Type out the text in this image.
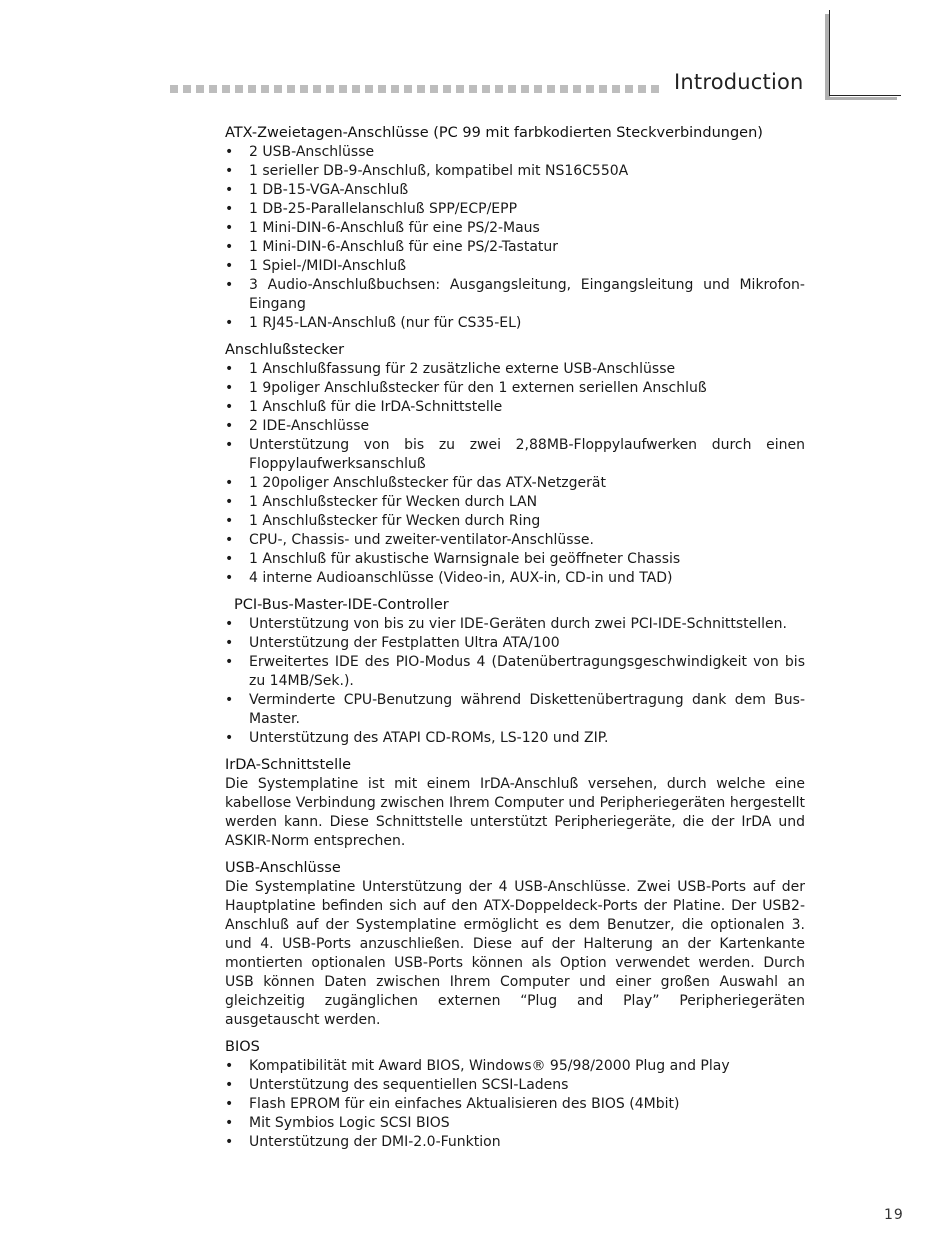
Introduction
ATX-Zweietagen-Anschlüsse (PC 99 mit farbkodierten Steckverbindungen)
•	2 USB-Anschlüsse
•	1 serieller DB-9-Anschluß, kompatibel mit NS16C550A
•	1 DB-15-VGA-Anschluß
•	1 DB-25-Parallelanschluß SPP/ECP/EPP
•	1 Mini-DIN-6-Anschluß für eine PS/2-Maus
•	1 Mini-DIN-6-Anschluß für eine PS/2-Tastatur
•	1 Spiel-/MIDI-Anschluß
•	3 Audio-Anschlußbuchsen: Ausgangsleitung, Eingangsleitung und Mikrofon-Eingang
•	1 RJ45-LAN-Anschluß (nur für CS35-EL)
Anschlußstecker
•	1 Anschlußfassung für 2 zusätzliche externe USB-Anschlüsse
•	1 9poliger Anschlußstecker für den 1 externen seriellen Anschluß
•	1 Anschluß für die IrDA-Schnittstelle
•	2 IDE-Anschlüsse
•	Unterstützung von bis zu zwei 2,88MB-Floppylaufwerken durch einen Floppylaufwerksanschluß
•	1 20poliger Anschlußstecker für das ATX-Netzgerät
•	1 Anschlußstecker für Wecken durch LAN
•	1 Anschlußstecker für Wecken durch Ring
•	CPU-, Chassis- und zweiter-ventilator-Anschlüsse.
•	1 Anschluß für akustische Warnsignale bei geöffneter Chassis
•	4 interne Audioanschlüsse (Video-in, AUX-in, CD-in und TAD)
PCI-Bus-Master-IDE-Controller
•	Unterstützung von bis zu vier IDE-Geräten durch zwei PCI-IDE-Schnittstellen.
•	Unterstützung der Festplatten Ultra ATA/100
•	Erweitertes IDE des PIO-Modus 4 (Datenübertragungsgeschwindigkeit von bis zu 14MB/Sek.).
•	Verminderte CPU-Benutzung während Diskettenübertragung dank dem Bus-Master.
•	Unterstützung des ATAPI CD-ROMs, LS-120 und ZIP.
IrDA-Schnittstelle

Die Systemplatine ist mit einem IrDA-Anschluß versehen, durch welche eine kabellose Verbindung zwischen Ihrem Computer und Peripheriegeräten hergestellt werden kann. Diese Schnittstelle unterstützt Peripheriegeräte, die der IrDA und ASKIR-Norm entsprechen.

USB-Anschlüsse

Die Systemplatine Unterstützung der 4 USB-Anschlüsse. Zwei USB-Ports auf der Hauptplatine befinden sich auf den ATX-Doppeldeck-Ports der Platine. Der USB2-Anschluß auf der Systemplatine ermöglicht es dem Benutzer, die optionalen 3. und 4. USB-Ports anzuschließen. Diese auf der Halterung an der Kartenkante montierten optionalen USB-Ports können als Option verwendet werden. Durch USB können Daten zwischen Ihrem Computer und einer großen Auswahl an gleichzeitig zugänglichen externen “Plug and Play” Peripheriegeräten ausgetauscht werden.

BIOS
•	Kompatibilität mit Award BIOS, Windows® 95/98/2000 Plug and Play
•	Unterstützung des sequentiellen SCSI-Ladens
•	Flash EPROM für ein einfaches Aktualisieren des BIOS (4Mbit)
•	Mit Symbios Logic SCSI BIOS
•	Unterstützung der DMI-2.0-Funktion
19
